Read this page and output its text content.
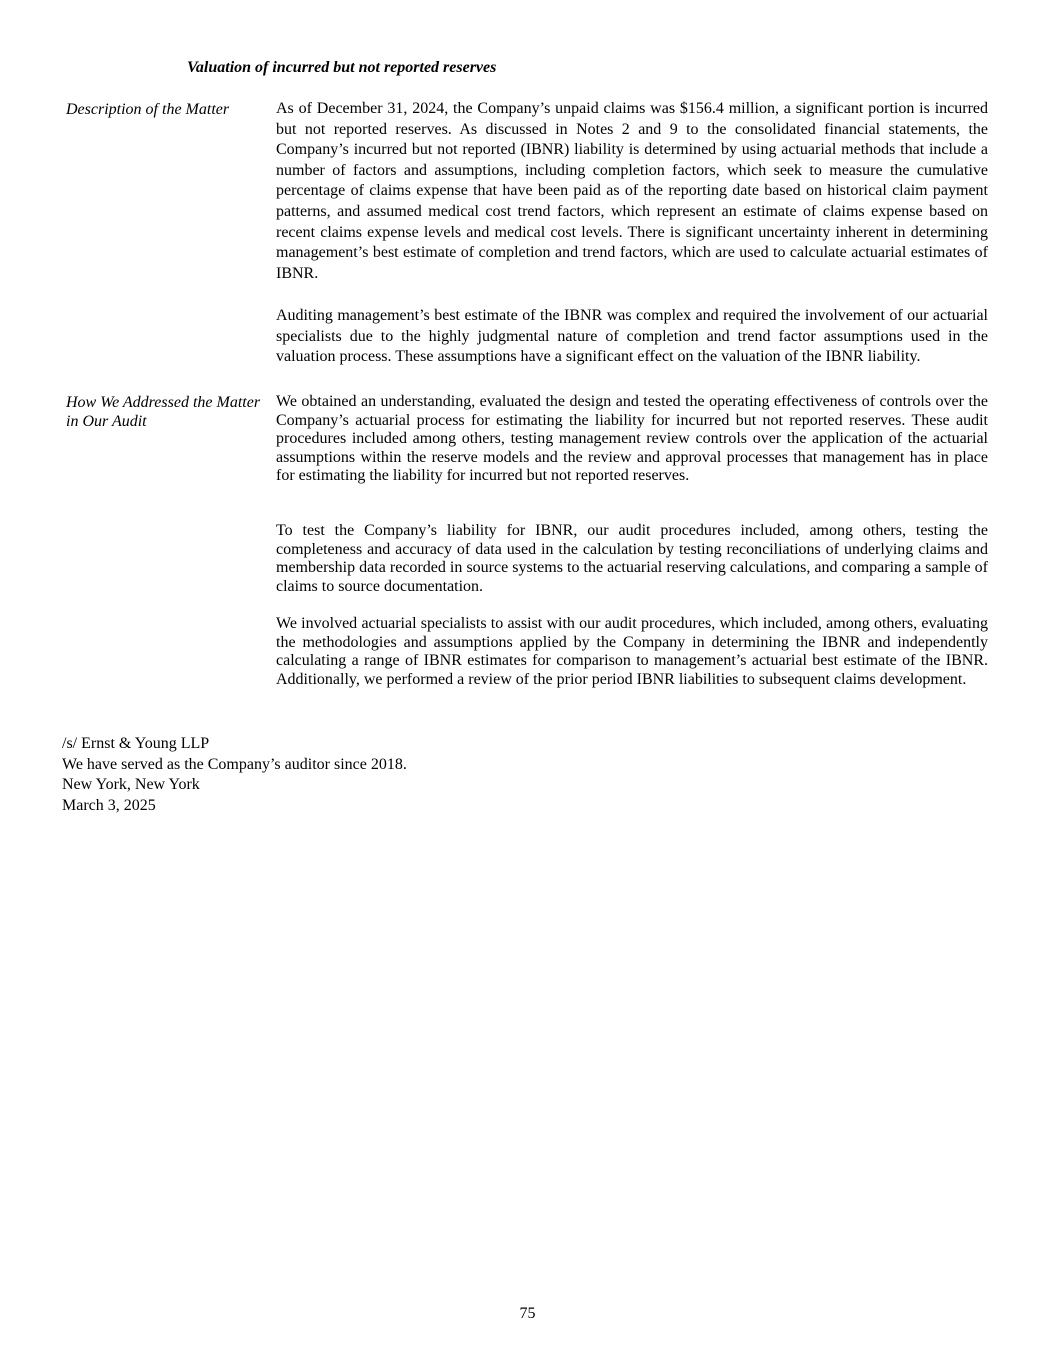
Valuation of incurred but not reported reserves
Description of the Matter	As of December 31, 2024, the Company’s unpaid claims was $156.4 million, a significant portion is incurred but not reported reserves. As discussed in Notes 2 and 9 to the consolidated financial statements, the Company’s incurred but not reported (IBNR) liability is determined by using actuarial methods that include a number of factors and assumptions, including completion factors, which seek to measure the cumulative percentage of claims expense that have been paid as of the reporting date based on historical claim payment patterns, and assumed medical cost trend factors, which represent an estimate of claims expense based on recent claims expense levels and medical cost levels. There is significant uncertainty inherent in determining management’s best estimate of completion and trend factors, which are used to calculate actuarial estimates of IBNR.
Auditing management’s best estimate of the IBNR was complex and required the involvement of our actuarial specialists due to the highly judgmental nature of completion and trend factor assumptions used in the valuation process. These assumptions have a significant effect on the valuation of the IBNR liability.
How We Addressed the Matter in Our Audit
We obtained an understanding, evaluated the design and tested the operating effectiveness of controls over the Company’s actuarial process for estimating the liability for incurred but not reported reserves. These audit procedures included among others, testing management review controls over the application of the actuarial assumptions within the reserve models and the review and approval processes that management has in place for estimating the liability for incurred but not reported reserves.
To test the Company’s liability for IBNR, our audit procedures included, among others, testing the completeness and accuracy of data used in the calculation by testing reconciliations of underlying claims and membership data recorded in source systems to the actuarial reserving calculations, and comparing a sample of claims to source documentation.
We involved actuarial specialists to assist with our audit procedures, which included, among others, evaluating the methodologies and assumptions applied by the Company in determining the IBNR and independently calculating a range of IBNR estimates for comparison to management’s actuarial best estimate of the IBNR. Additionally, we performed a review of the prior period IBNR liabilities to subsequent claims development.
/s/ Ernst & Young LLP
We have served as the Company’s auditor since 2018.
New York, New York
March 3, 2025
75
